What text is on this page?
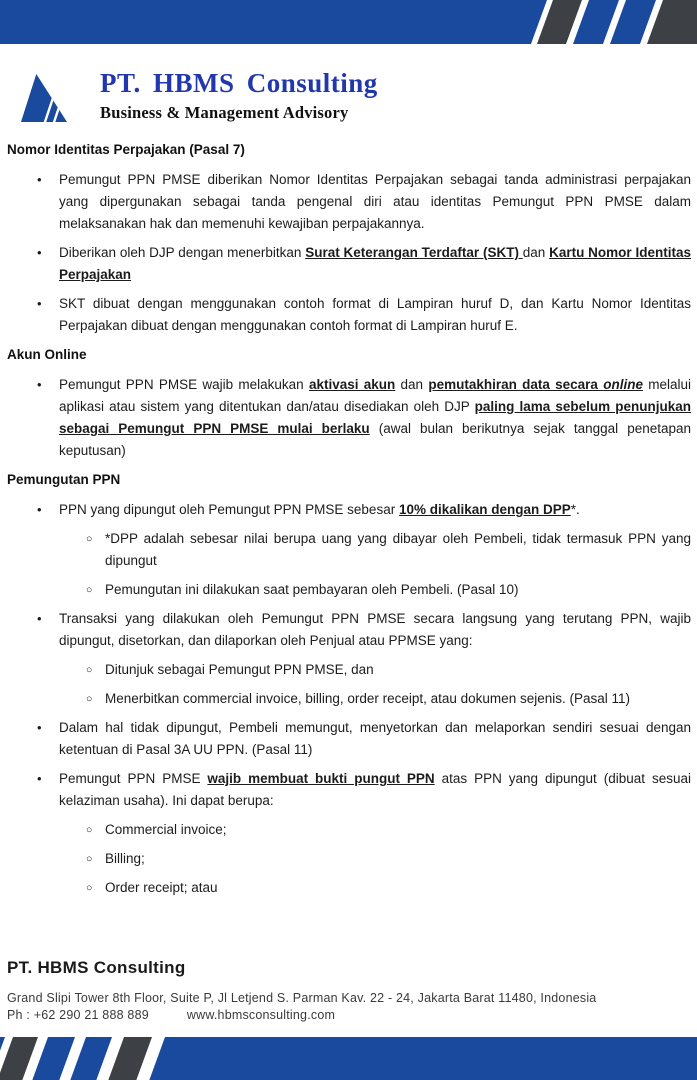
PT. HBMS Consulting
Business & Management Advisory
Nomor Identitas Perpajakan (Pasal 7)
• Pemungut PPN PMSE diberikan Nomor Identitas Perpajakan sebagai tanda administrasi perpajakan yang dipergunakan sebagai tanda pengenal diri atau identitas Pemungut PPN PMSE dalam melaksanakan hak dan memenuhi kewajiban perpajakannya.
• Diberikan oleh DJP dengan menerbitkan Surat Keterangan Terdaftar (SKT) dan Kartu Nomor Identitas Perpajakan
• SKT dibuat dengan menggunakan contoh format di Lampiran huruf D, dan Kartu Nomor Identitas Perpajakan dibuat dengan menggunakan contoh format di Lampiran huruf E.
Akun Online
• Pemungut PPN PMSE wajib melakukan aktivasi akun dan pemutakhiran data secara online melalui aplikasi atau sistem yang ditentukan dan/atau disediakan oleh DJP paling lama sebelum penunjukan sebagai Pemungut PPN PMSE mulai berlaku (awal bulan berikutnya sejak tanggal penetapan keputusan)
Pemungutan PPN
• PPN yang dipungut oleh Pemungut PPN PMSE sebesar 10% dikalikan dengan DPP*.
○ *DPP adalah sebesar nilai berupa uang yang dibayar oleh Pembeli, tidak termasuk PPN yang dipungut
○ Pemungutan ini dilakukan saat pembayaran oleh Pembeli. (Pasal 10)
• Transaksi yang dilakukan oleh Pemungut PPN PMSE secara langsung yang terutang PPN, wajib dipungut, disetorkan, dan dilaporkan oleh Penjual atau PPMSE yang:
○ Ditunjuk sebagai Pemungut PPN PMSE, dan
○ Menerbitkan commercial invoice, billing, order receipt, atau dokumen sejenis. (Pasal 11)
• Dalam hal tidak dipungut, Pembeli memungut, menyetorkan dan melaporkan sendiri sesuai dengan ketentuan di Pasal 3A UU PPN. (Pasal 11)
• Pemungut PPN PMSE wajib membuat bukti pungut PPN atas PPN yang dipungut (dibuat sesuai kelaziman usaha). Ini dapat berupa:
○ Commercial invoice;
○ Billing;
○ Order receipt; atau
PT. HBMS Consulting
Grand Slipi Tower 8th Floor, Suite P, Jl Letjend S. Parman Kav. 22 - 24, Jakarta Barat 11480, Indonesia
Ph : +62 290 21 888 889	www.hbmsconsulting.com
